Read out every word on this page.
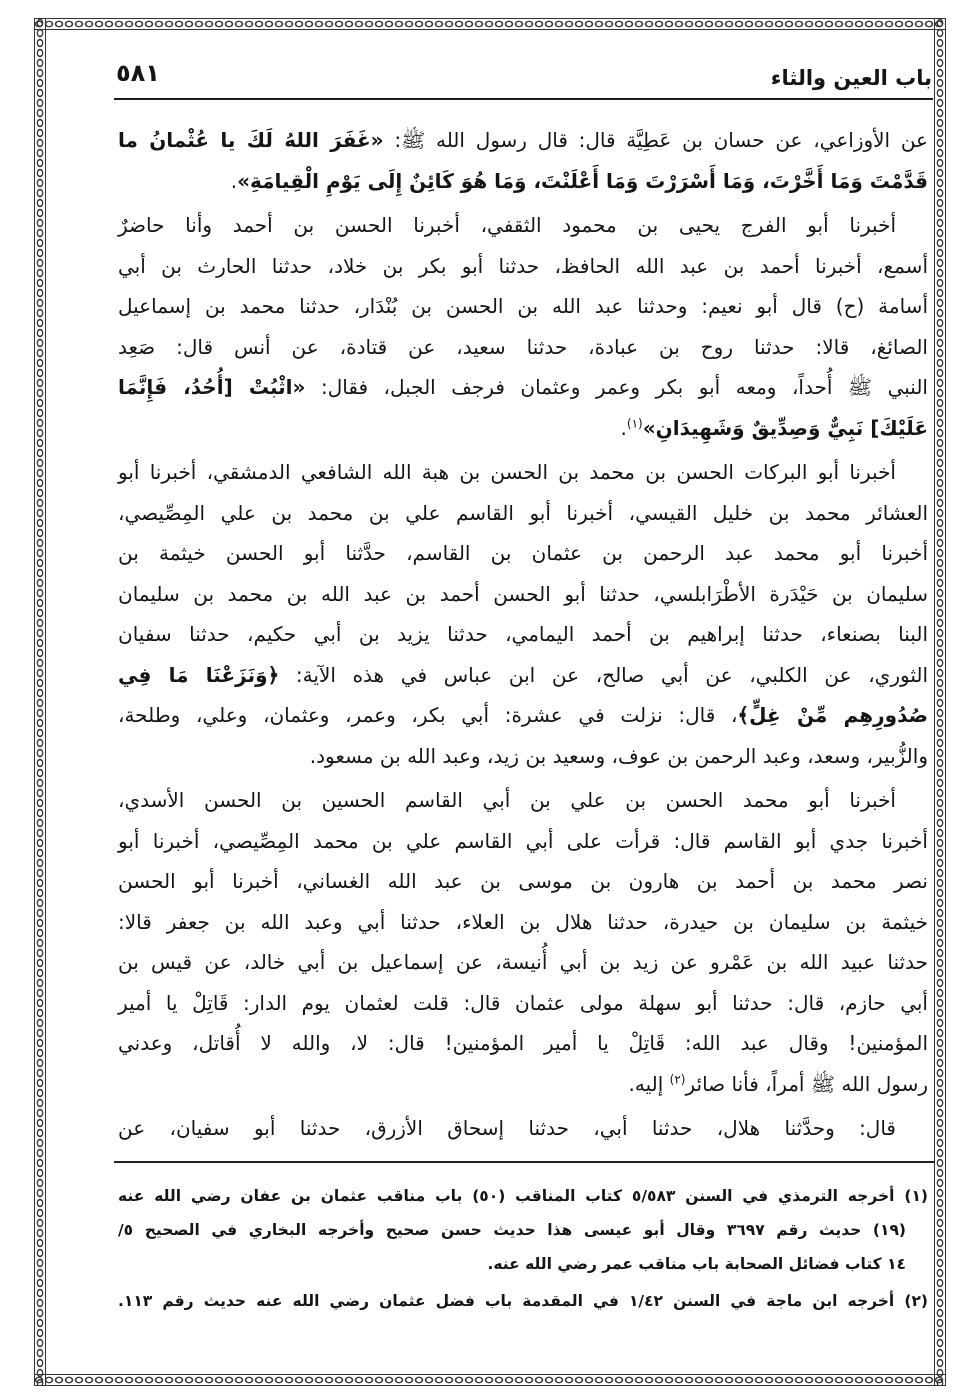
باب العين والثاء
٥٨١
عن الأوزاعي، عن حسان بن عَطِيَّة قال: قال رسول الله ﷺ: «غَفَرَ اللهُ لَكَ يا عُثْمانُ ما
قَدَّمْتَ وَمَا أَخَّرْتَ، وَمَا أَسْرَرْتَ وَمَا أَعْلَنْتَ، وَمَا هُوَ كَائِنٌ إِلَى يَوْمِ الْقِيامَةِ».
أخبرنا أبو الفرج يحيى بن محمود الثقفي، أخبرنا الحسن بن أحمد وأنا حاضرٌ
أسمع، أخبرنا أحمد بن عبد الله الحافظ، حدثنا أبو بكر بن خلاد، حدثنا الحارث بن أبي
أسامة (ح) قال أبو نعيم: وحدثنا عبد الله بن الحسن بن بُنْدَار، حدثنا محمد بن إسماعيل
الصائغ، قالا: حدثنا روح بن عبادة، حدثنا سعيد، عن قتادة، عن أنس قال: صَعِد
النبي ﷺ أُحداً، ومعه أبو بكر وعمر وعثمان فرجف الجبل، فقال: «اثْبُتْ [أُحُدُ، فَإِنَّمَا
عَلَيْكَ] نَبِيٌّ وَصِدِّيقٌ وَشَهِيدَانِ»$^{(١)}$.
أخبرنا أبو البركات الحسن بن محمد بن الحسن بن هبة الله الشافعي الدمشقي، أخبرنا أبو
العشائر محمد بن خليل القيسي، أخبرنا أبو القاسم علي بن محمد بن علي المِصِّيصي،
أخبرنا أبو محمد عبد الرحمن بن عثمان بن القاسم، حدَّثنا أبو الحسن خيثمة بن
سليمان بن حَيْدَرة الأطْرَابلسي، حدثنا أبو الحسن أحمد بن عبد الله بن محمد بن سليمان
البنا بصنعاء، حدثنا إبراهيم بن أحمد اليمامي، حدثنا يزيد بن أبي حكيم، حدثنا سفيان
الثوري، عن الكلبي، عن أبي صالح، عن ابن عباس في هذه الآية: ﴿وَنَزَعْنَا مَا فِي
صُدُورِهِم مِّنْ غِلٍّ﴾، قال: نزلت في عشرة: أبي بكر، وعمر، وعثمان، وعلي، وطلحة،
والزُّبير، وسعد، وعبد الرحمن بن عوف، وسعيد بن زيد، وعبد الله بن مسعود.
أخبرنا أبو محمد الحسن بن علي بن أبي القاسم الحسين بن الحسن الأسدي،
أخبرنا جدي أبو القاسم قال: قرأت على أبي القاسم علي بن محمد المِصِّيصي، أخبرنا أبو
نصر محمد بن أحمد بن هارون بن موسى بن عبد الله الغساني، أخبرنا أبو الحسن
خيثمة بن سليمان بن حيدرة، حدثنا هلال بن العلاء، حدثنا أبي وعبد الله بن جعفر قالا:
حدثنا عبيد الله بن عَمْرو عن زيد بن أبي أُنيسة، عن إسماعيل بن أبي خالد، عن قيس بن
أبي حازم، قال: حدثنا أبو سهلة مولى عثمان قال: قلت لعثمان يوم الدار: قَاتِلْ يا أمير
المؤمنين! وقال عبد الله: قَاتِلْ يا أمير المؤمنين! قال: لا، والله لا أُقاتل، وعدني
رسول الله ﷺ أمراً، فأنا صائر$^{(٢)}$ إليه.
قال: وحدَّثنا هلال، حدثنا أبي، حدثنا إسحاق الأزرق، حدثنا أبو سفيان، عن
(١) أخرجه الترمذي في السنن ٥/٥٨٣ كتاب المناقب (٥٠) باب مناقب عثمان بن عفان رضي الله عنه
(١٩) حديث رقم ٣٦٩٧ وقال أبو عيسى هذا حديث حسن صحيح وأخرجه البخاري في الصحيح ٥/
١٤ كتاب فضائل الصحابة باب مناقب عمر رضي الله عنه.
(٢) أخرجه ابن ماجة في السنن ١/٤٢ في المقدمة باب فضل عثمان رضي الله عنه حديث رقم ١١٣.
